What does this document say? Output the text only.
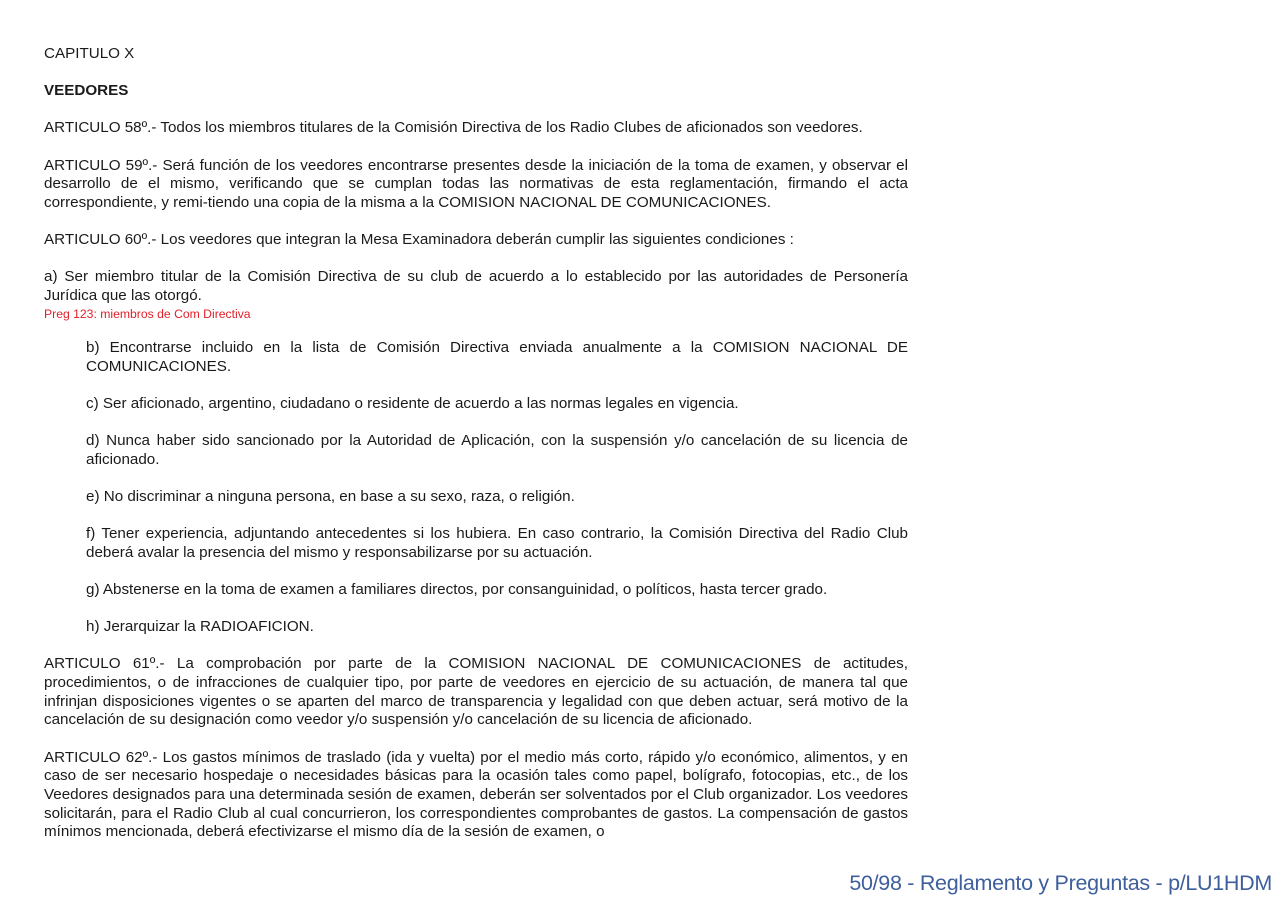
CAPITULO X
VEEDORES
ARTICULO 58º.- Todos los miembros titulares de la Comisión Directiva de los Radio Clubes de aficionados son veedores.
ARTICULO 59º.- Será función de los veedores encontrarse presentes desde la iniciación de la toma de examen, y observar el desarrollo de el mismo, verificando que se cumplan todas las normativas de esta reglamentación, firmando el acta correspondiente, y remi-tiendo una copia de la misma a la COMISION NACIONAL DE COMUNICACIONES.
ARTICULO 60º.- Los veedores que integran la Mesa Examinadora deberán cumplir las siguientes condiciones :
a) Ser miembro titular de la Comisión Directiva de su club de acuerdo a lo establecido por las autoridades de Personería Jurídica que las otorgó.
Preg 123: miembros de Com Directiva
b) Encontrarse incluido en la lista de Comisión Directiva enviada anualmente a la COMISION NACIONAL DE COMUNICACIONES.
c) Ser aficionado, argentino, ciudadano o residente de acuerdo a las normas legales en vigencia.
d) Nunca haber sido sancionado por la Autoridad de Aplicación, con la suspensión y/o cancelación de su licencia de aficionado.
e) No discriminar a ninguna persona, en base a su sexo, raza, o religión.
f) Tener experiencia, adjuntando antecedentes si los hubiera. En caso contrario, la Comisión Directiva del Radio Club deberá avalar la presencia del mismo y responsabilizarse por su actuación.
g) Abstenerse en la toma de examen a familiares directos, por consanguinidad, o políticos, hasta tercer grado.
h) Jerarquizar la RADIOAFICION.
ARTICULO 61º.- La comprobación por parte de la COMISION NACIONAL DE COMUNICACIONES de actitudes, procedimientos, o de infracciones de cualquier tipo, por parte de veedores en ejercicio de su actuación, de manera tal que infrinjan disposiciones vigentes o se aparten del marco de transparencia y legalidad con que deben actuar, será motivo de la cancelación de su designación como veedor y/o suspensión y/o cancelación de su licencia de aficionado.
ARTICULO 62º.- Los gastos mínimos de traslado (ida y vuelta) por el medio más corto, rápido y/o económico, alimentos, y en caso de ser necesario hospedaje o necesidades básicas para la ocasión tales como papel, bolígrafo, fotocopias, etc., de los Veedores designados para una determinada sesión de examen, deberán ser solventados por el Club organizador. Los veedores solicitarán, para el Radio Club al cual concurrieron, los correspondientes comprobantes de gastos. La compensación de gastos mínimos mencionada, deberá efectivizarse el mismo día de la sesión de examen, o
50/98 - Reglamento y Preguntas - p/LU1HDM
